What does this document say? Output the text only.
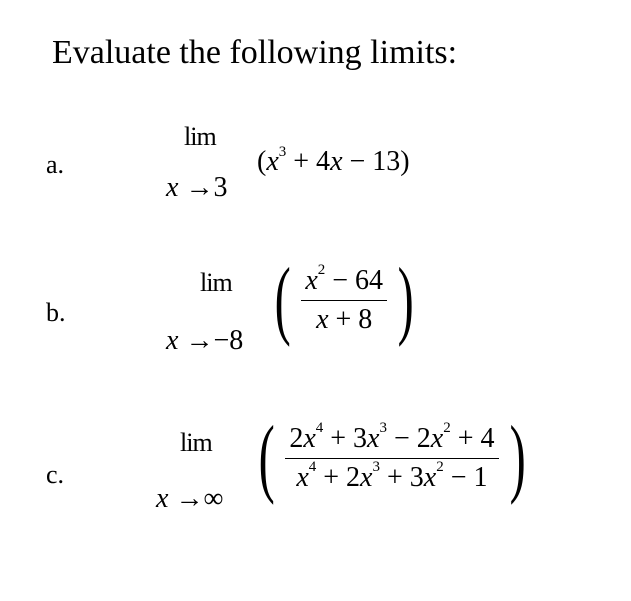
Evaluate the following limits:
a.
lim
x →3
$(x^3 + 4x - 13)$
b.
lim
x →−8 ( $\frac{x^2 - 64}{x + 8}$ )
c.
lim
x →∞ ( $\frac{2x^4 + 3x^3 - 2x^2 + 4}{x^4 + 2x^3 + 3x^2 - 1}$ )
